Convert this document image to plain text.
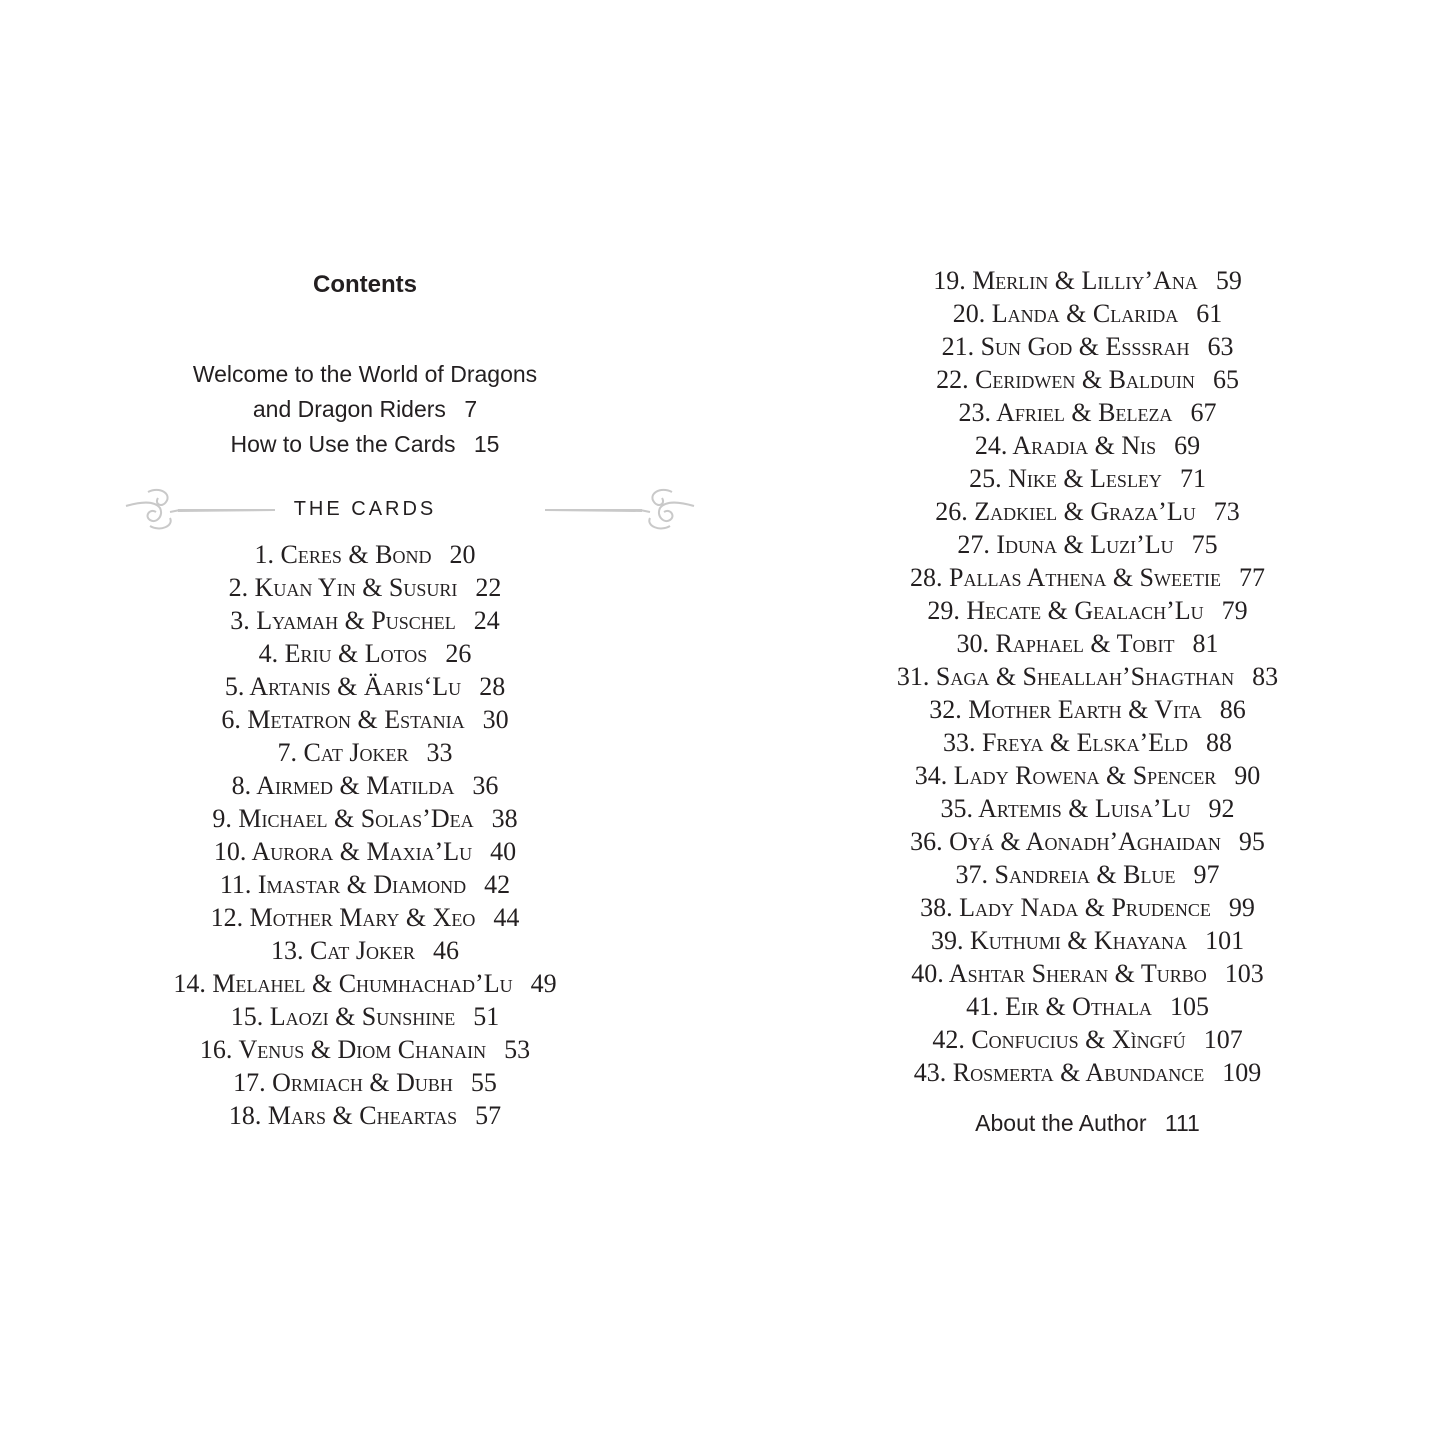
Contents
Welcome to the World of Dragons
and Dragon Riders 7
How to Use the Cards 15
THE CARDS
1. Ceres & Bond 20
2. Kuan Yin & Susuri 22
3. Lyamah & Puschel 24
4. Eriu & Lotos 26
5. Artanis & Äaris‘Lu 28
6. Metatron & Estania 30
7. Cat Joker 33
8. Airmed & Matilda 36
9. Michael & Solas’Dea 38
10. Aurora & Maxia’Lu 40
11. Imastar & Diamond 42
12. Mother Mary & Xeo 44
13. Cat Joker 46
14. Melahel & Chumhachad’Lu 49
15. Laozi & Sunshine 51
16. Venus & Diom Chanain 53
17. Ormiach & Dubh 55
18. Mars & Cheartas 57
19. Merlin & Lilliy’Ana 59
20. Landa & Clarida 61
21. Sun God & Esssrah 63
22. Ceridwen & Balduin 65
23. Afriel & Beleza 67
24. Aradia & Nis 69
25. Nike & Lesley 71
26. Zadkiel & Graza’Lu 73
27. Iduna & Luzi’Lu 75
28. Pallas Athena & Sweetie 77
29. Hecate & Gealach’Lu 79
30. Raphael & Tobit 81
31. Saga & Sheallah’Shagthan 83
32. Mother Earth & Vita 86
33. Freya & Elska’Eld 88
34. Lady Rowena & Spencer 90
35. Artemis & Luisa’Lu 92
36. Oyá & Aonadh’Aghaidan 95
37. Sandreia & Blue 97
38. Lady Nada & Prudence 99
39. Kuthumi & Khayana 101
40. Ashtar Sheran & Turbo 103
41. Eir & Othala 105
42. Confucius & Xìngfú 107
43. Rosmerta & Abundance 109
About the Author 111
